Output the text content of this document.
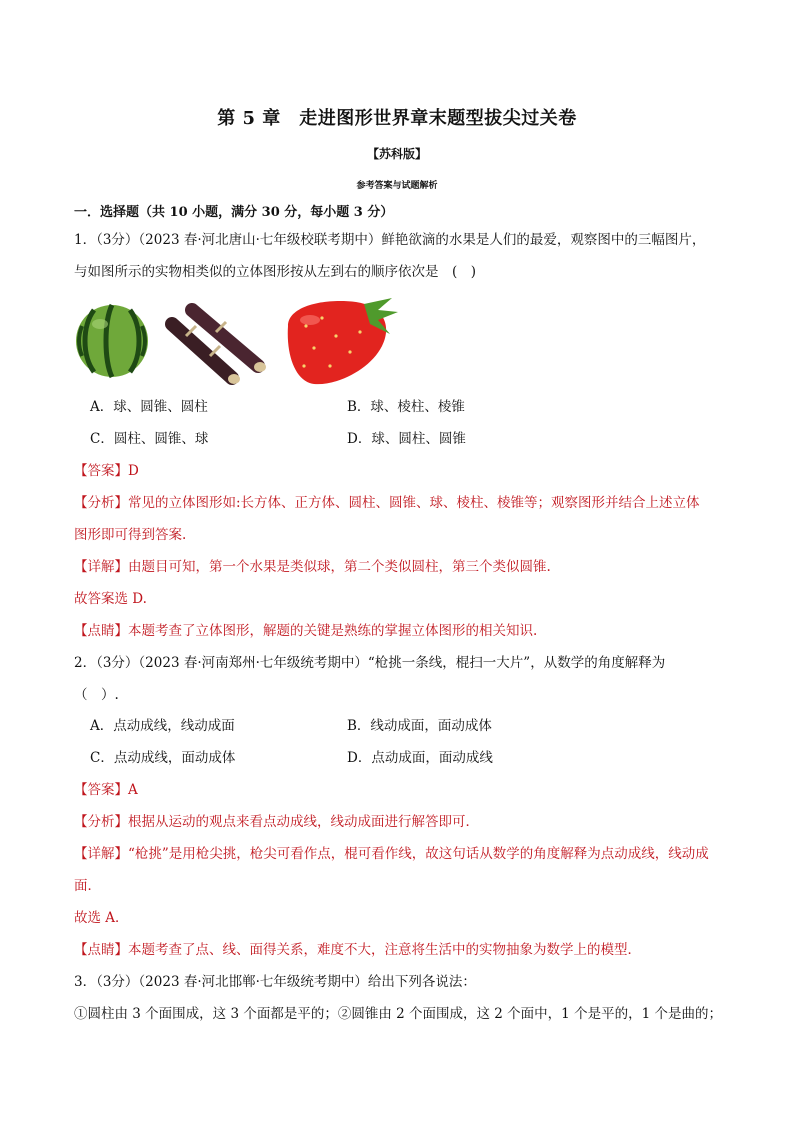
第 5 章　走进图形世界章末题型拔尖过关卷
【苏科版】
参考答案与试题解析
一．选择题（共 10 小题，满分 30 分，每小题 3 分）
1．（3分）（2023 春·河北唐山·七年级校联考期中）鲜艳欲滴的水果是人们的最爱，观察图中的三幅图片，
与如图所示的实物相类似的立体图形按从左到右的顺序依次是　(　)
A．球、圆锥、圆柱	B．球、棱柱、棱锥
C．圆柱、圆锥、球	D．球、圆柱、圆锥
【答案】D
【分析】常见的立体图形如:长方体、正方体、圆柱、圆锥、球、棱柱、棱锥等；观察图形并结合上述立体
图形即可得到答案.
【详解】由题目可知，第一个水果是类似球，第二个类似圆柱，第三个类似圆锥.
故答案选 D.
【点睛】本题考查了立体图形，解题的关键是熟练的掌握立体图形的相关知识.
2．（3分）（2023 春·河南郑州·七年级统考期中）“枪挑一条线，棍扫一大片”，从数学的角度解释为
（　）.
A．点动成线，线动成面	B．线动成面，面动成体
C．点动成线，面动成体	D．点动成面，面动成线
【答案】A
【分析】根据从运动的观点来看点动成线，线动成面进行解答即可．
【详解】“枪挑”是用枪尖挑，枪尖可看作点，棍可看作线，故这句话从数学的角度解释为点动成线，线动成
面．
故选 A．
【点睛】本题考查了点、线、面得关系，难度不大，注意将生活中的实物抽象为数学上的模型．
3．（3分）（2023 春·河北邯郸·七年级统考期中）给出下列各说法：
①圆柱由 3 个面围成，这 3 个面都是平的；②圆锥由 2 个面围成，这 2 个面中，1 个是平的，1 个是曲的；
